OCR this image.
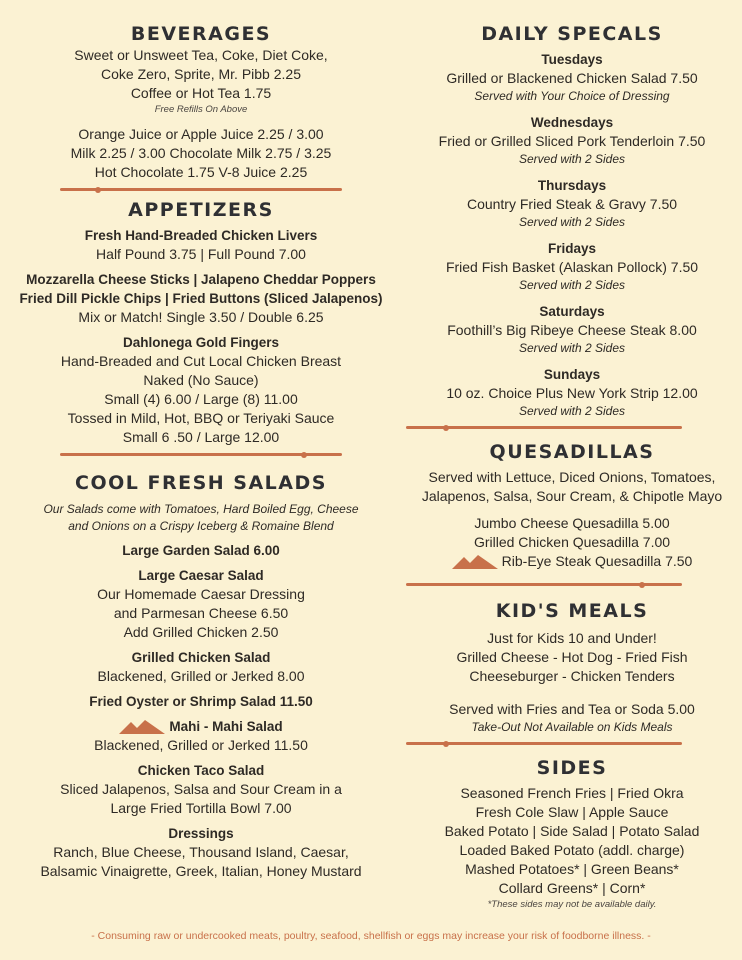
BEVERAGES
Sweet or Unsweet Tea, Coke, Diet Coke,
Coke Zero, Sprite, Mr. Pibb 2.25
Coffee or Hot Tea 1.75
Free Refills On Above
Orange Juice or Apple Juice 2.25 / 3.00
Milk 2.25 / 3.00 Chocolate Milk 2.75 / 3.25
Hot Chocolate 1.75 V-8 Juice 2.25
APPETIZERS
Fresh Hand-Breaded Chicken Livers
Half Pound 3.75 | Full Pound 7.00
Mozzarella Cheese Sticks | Jalapeno Cheddar Poppers
Fried Dill Pickle Chips | Fried Buttons (Sliced Jalapenos)
Mix or Match! Single 3.50 / Double 6.25
Dahlonega Gold Fingers
Hand-Breaded and Cut Local Chicken Breast
Naked (No Sauce)
Small (4) 6.00 / Large (8) 11.00
Tossed in Mild, Hot, BBQ or Teriyaki Sauce
Small 6 .50 / Large 12.00
COOL FRESH SALADS
Our Salads come with Tomatoes, Hard Boiled Egg, Cheese
and Onions on a Crispy Iceberg & Romaine Blend
Large Garden Salad 6.00
Large Caesar Salad
Our Homemade Caesar Dressing
and Parmesan Cheese 6.50
Add Grilled Chicken 2.50
Grilled Chicken Salad
Blackened, Grilled or Jerked 8.00
Fried Oyster or Shrimp Salad 11.50
Mahi - Mahi Salad
Blackened, Grilled or Jerked 11.50
Chicken Taco Salad
Sliced Jalapenos, Salsa and Sour Cream in a
Large Fried Tortilla Bowl 7.00
Dressings
Ranch, Blue Cheese, Thousand Island, Caesar,
Balsamic Vinaigrette, Greek, Italian, Honey Mustard
DAILY SPECALS
Tuesdays
Grilled or Blackened Chicken Salad 7.50
Served with Your Choice of Dressing
Wednesdays
Fried or Grilled Sliced Pork Tenderloin 7.50
Served with 2 Sides
Thursdays
Country Fried Steak & Gravy 7.50
Served with 2 Sides
Fridays
Fried Fish Basket (Alaskan Pollock) 7.50
Served with 2 Sides
Saturdays
Foothill’s Big Ribeye Cheese Steak 8.00
Served with 2 Sides
Sundays
10 oz. Choice Plus New York Strip 12.00
Served with 2 Sides
QUESADILLAS
Served with Lettuce, Diced Onions, Tomatoes,
Jalapenos, Salsa, Sour Cream, & Chipotle Mayo
Jumbo Cheese Quesadilla 5.00
Grilled Chicken Quesadilla 7.00
Rib-Eye Steak Quesadilla 7.50
KID'S MEALS
Just for Kids 10 and Under!
Grilled Cheese - Hot Dog - Fried Fish
Cheeseburger - Chicken Tenders
Served with Fries and Tea or Soda 5.00
Take-Out Not Available on Kids Meals
SIDES
Seasoned French Fries | Fried Okra
Fresh Cole Slaw | Apple Sauce
Baked Potato | Side Salad | Potato Salad
Loaded Baked Potato (addl. charge)
Mashed Potatoes* | Green Beans*
Collard Greens* | Corn*
*These sides may not be available daily.
- Consuming raw or undercooked meats, poultry, seafood, shellfish or eggs may increase your risk of foodborne illness. -
